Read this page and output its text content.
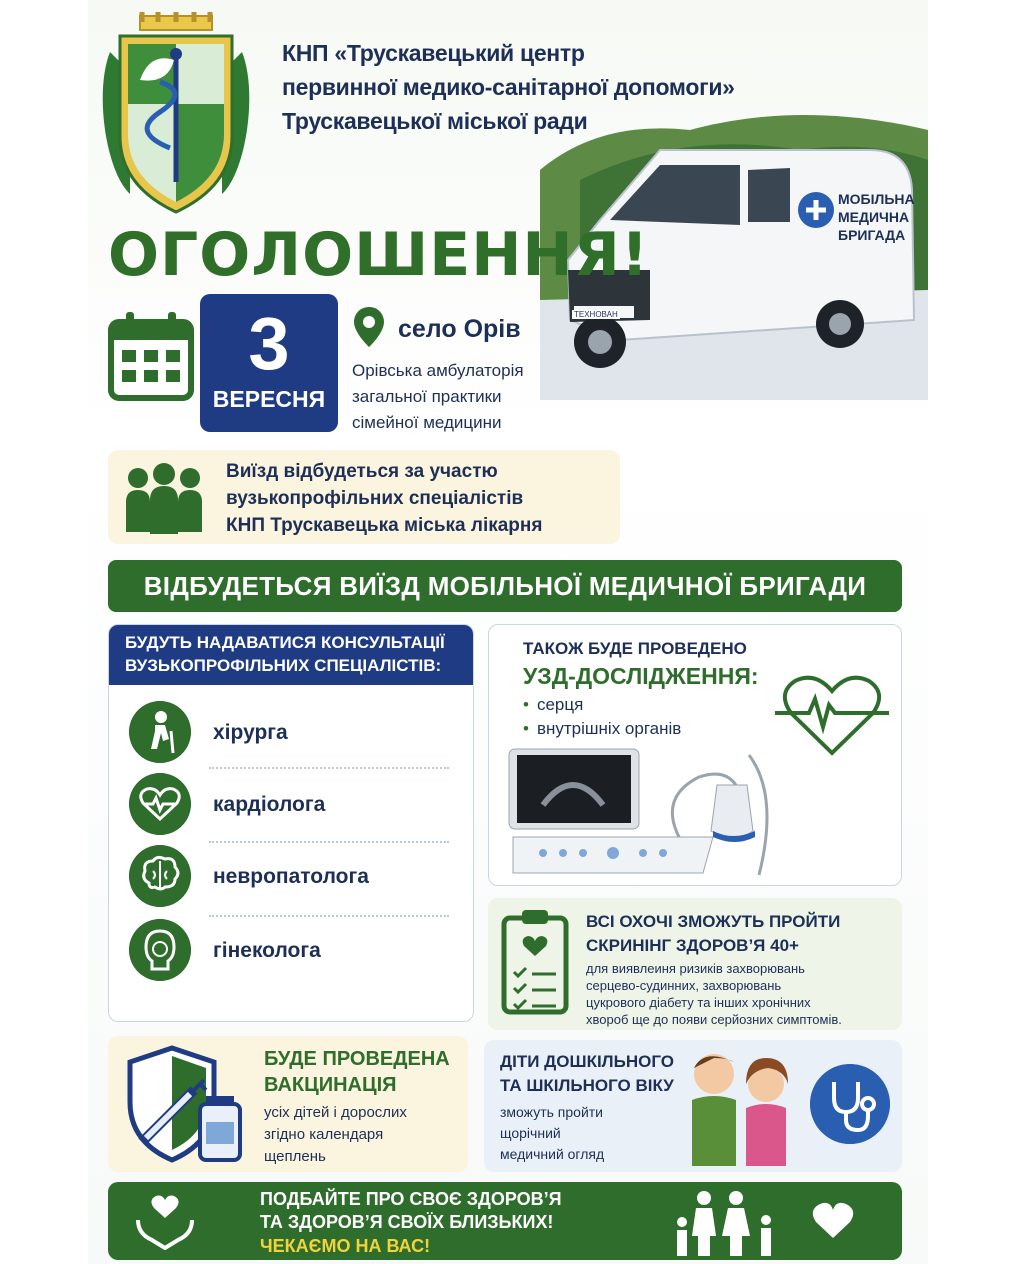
КНП «Трускавецький центр
первинної медико-санітарної допомоги»
Трускавецької міської ради
МОБІЛЬНА
МЕДИЧНА
БРИГАДА
ТЕХНОВАН
ОГОЛОШЕННЯ!
3
ВЕРЕСНЯ
село Орів
Орівська амбулаторія
загальної практики
сімейної медицини
Виїзд відбудеться за участю
вузькопрофільних спеціалістів
КНП Трускавецька міська лікарня
ВІДБУДЕТЬСЯ ВИЇЗД МОБІЛЬНОЇ МЕДИЧНОЇ БРИГАДИ
БУДУТЬ НАДАВАТИСЯ КОНСУЛЬТАЦІЇ
ВУЗЬКОПРОФІЛЬНИХ СПЕЦІАЛІСТІВ:
хірурга
кардіолога
невропатолога
гінеколога
ТАКОЖ БУДЕ ПРОВЕДЕНО
УЗД-ДОСЛІДЖЕННЯ:
• серця
• внутрішніх органів
ВСІ ОХОЧІ ЗМОЖУТЬ ПРОЙТИ
СКРИНІНГ ЗДОРОВ’Я 40+
для виявлеиня ризиків захворювань
серцево-судинних, захворювань
цукрового діабету та інших хронічних
хвороб ще до появи серйозних симптомів.
БУДЕ ПРОВЕДЕНА
ВАКЦИНАЦІЯ
усіх дітей і дорослих
згідно календаря
щеплень
ДІТИ ДОШКІЛЬНОГО
ТА ШКІЛЬНОГО ВІКУ
зможуть пройти
щорічний
медичний огляд
ПОДБАЙТЕ ПРО СВОЄ ЗДОРОВ’Я
ТА ЗДОРОВ’Я СВОЇХ БЛИЗЬКИХ!
ЧЕКАЄМО НА ВАС!
